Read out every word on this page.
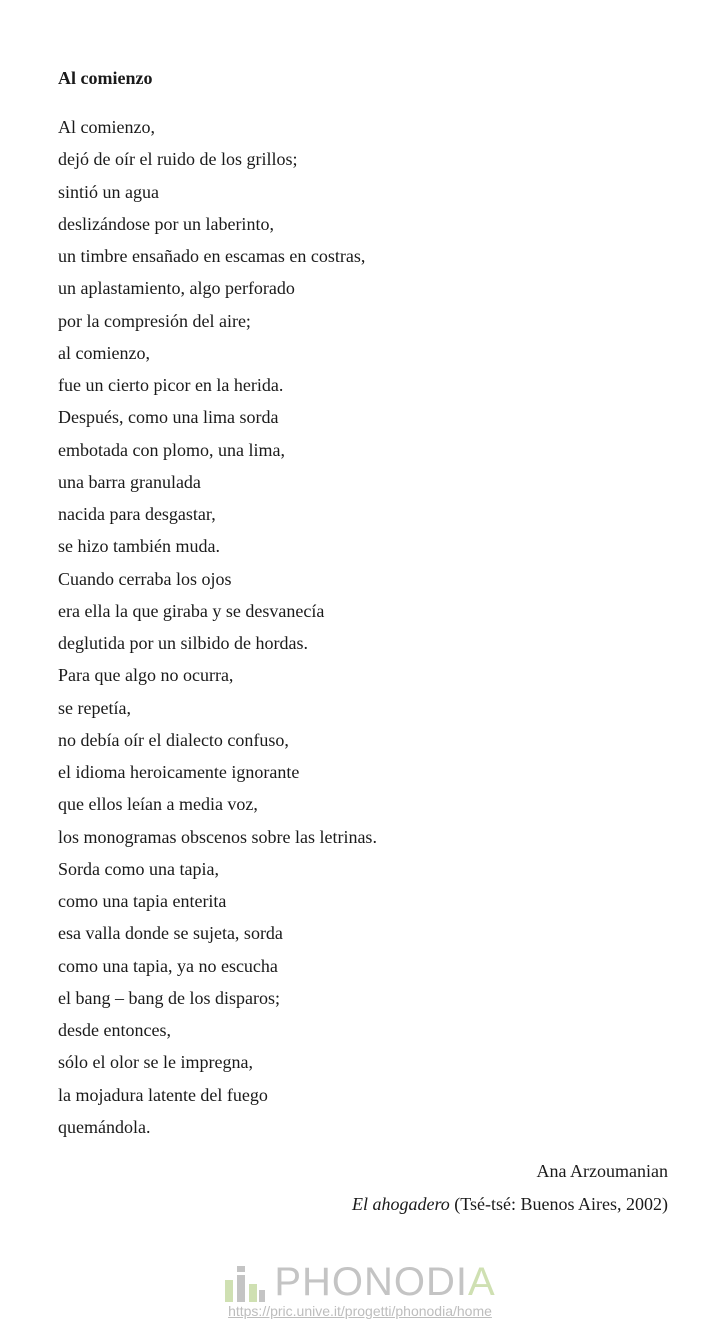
Al comienzo
Al comienzo,
dejó de oír el ruido de los grillos;
sintió un agua
deslizándose por un laberinto,
un timbre ensañado en escamas en costras,
un aplastamiento, algo perforado
por la compresión del aire;
al comienzo,
fue un cierto picor en la herida.
Después, como una lima sorda
embotada con plomo, una lima,
una barra granulada
nacida para desgastar,
se hizo también muda.
Cuando cerraba los ojos
era ella la que giraba y se desvanecía
deglutida por un silbido de hordas.
Para que algo no ocurra,
se repetía,
no debía oír el dialecto confuso,
el idioma heroicamente ignorante
que ellos leían a media voz,
los monogramas obscenos sobre las letrinas.
Sorda como una tapia,
como una tapia enterita
esa valla donde se sujeta, sorda
como una tapia, ya no escucha
el bang – bang de los disparos;
desde entonces,
sólo el olor se le impregna,
la mojadura latente del fuego
quemándola.
Ana Arzoumanian
El ahogadero (Tsé-tsé: Buenos Aires, 2002)
PHONODIA
https://pric.unive.it/progetti/phonodia/home
